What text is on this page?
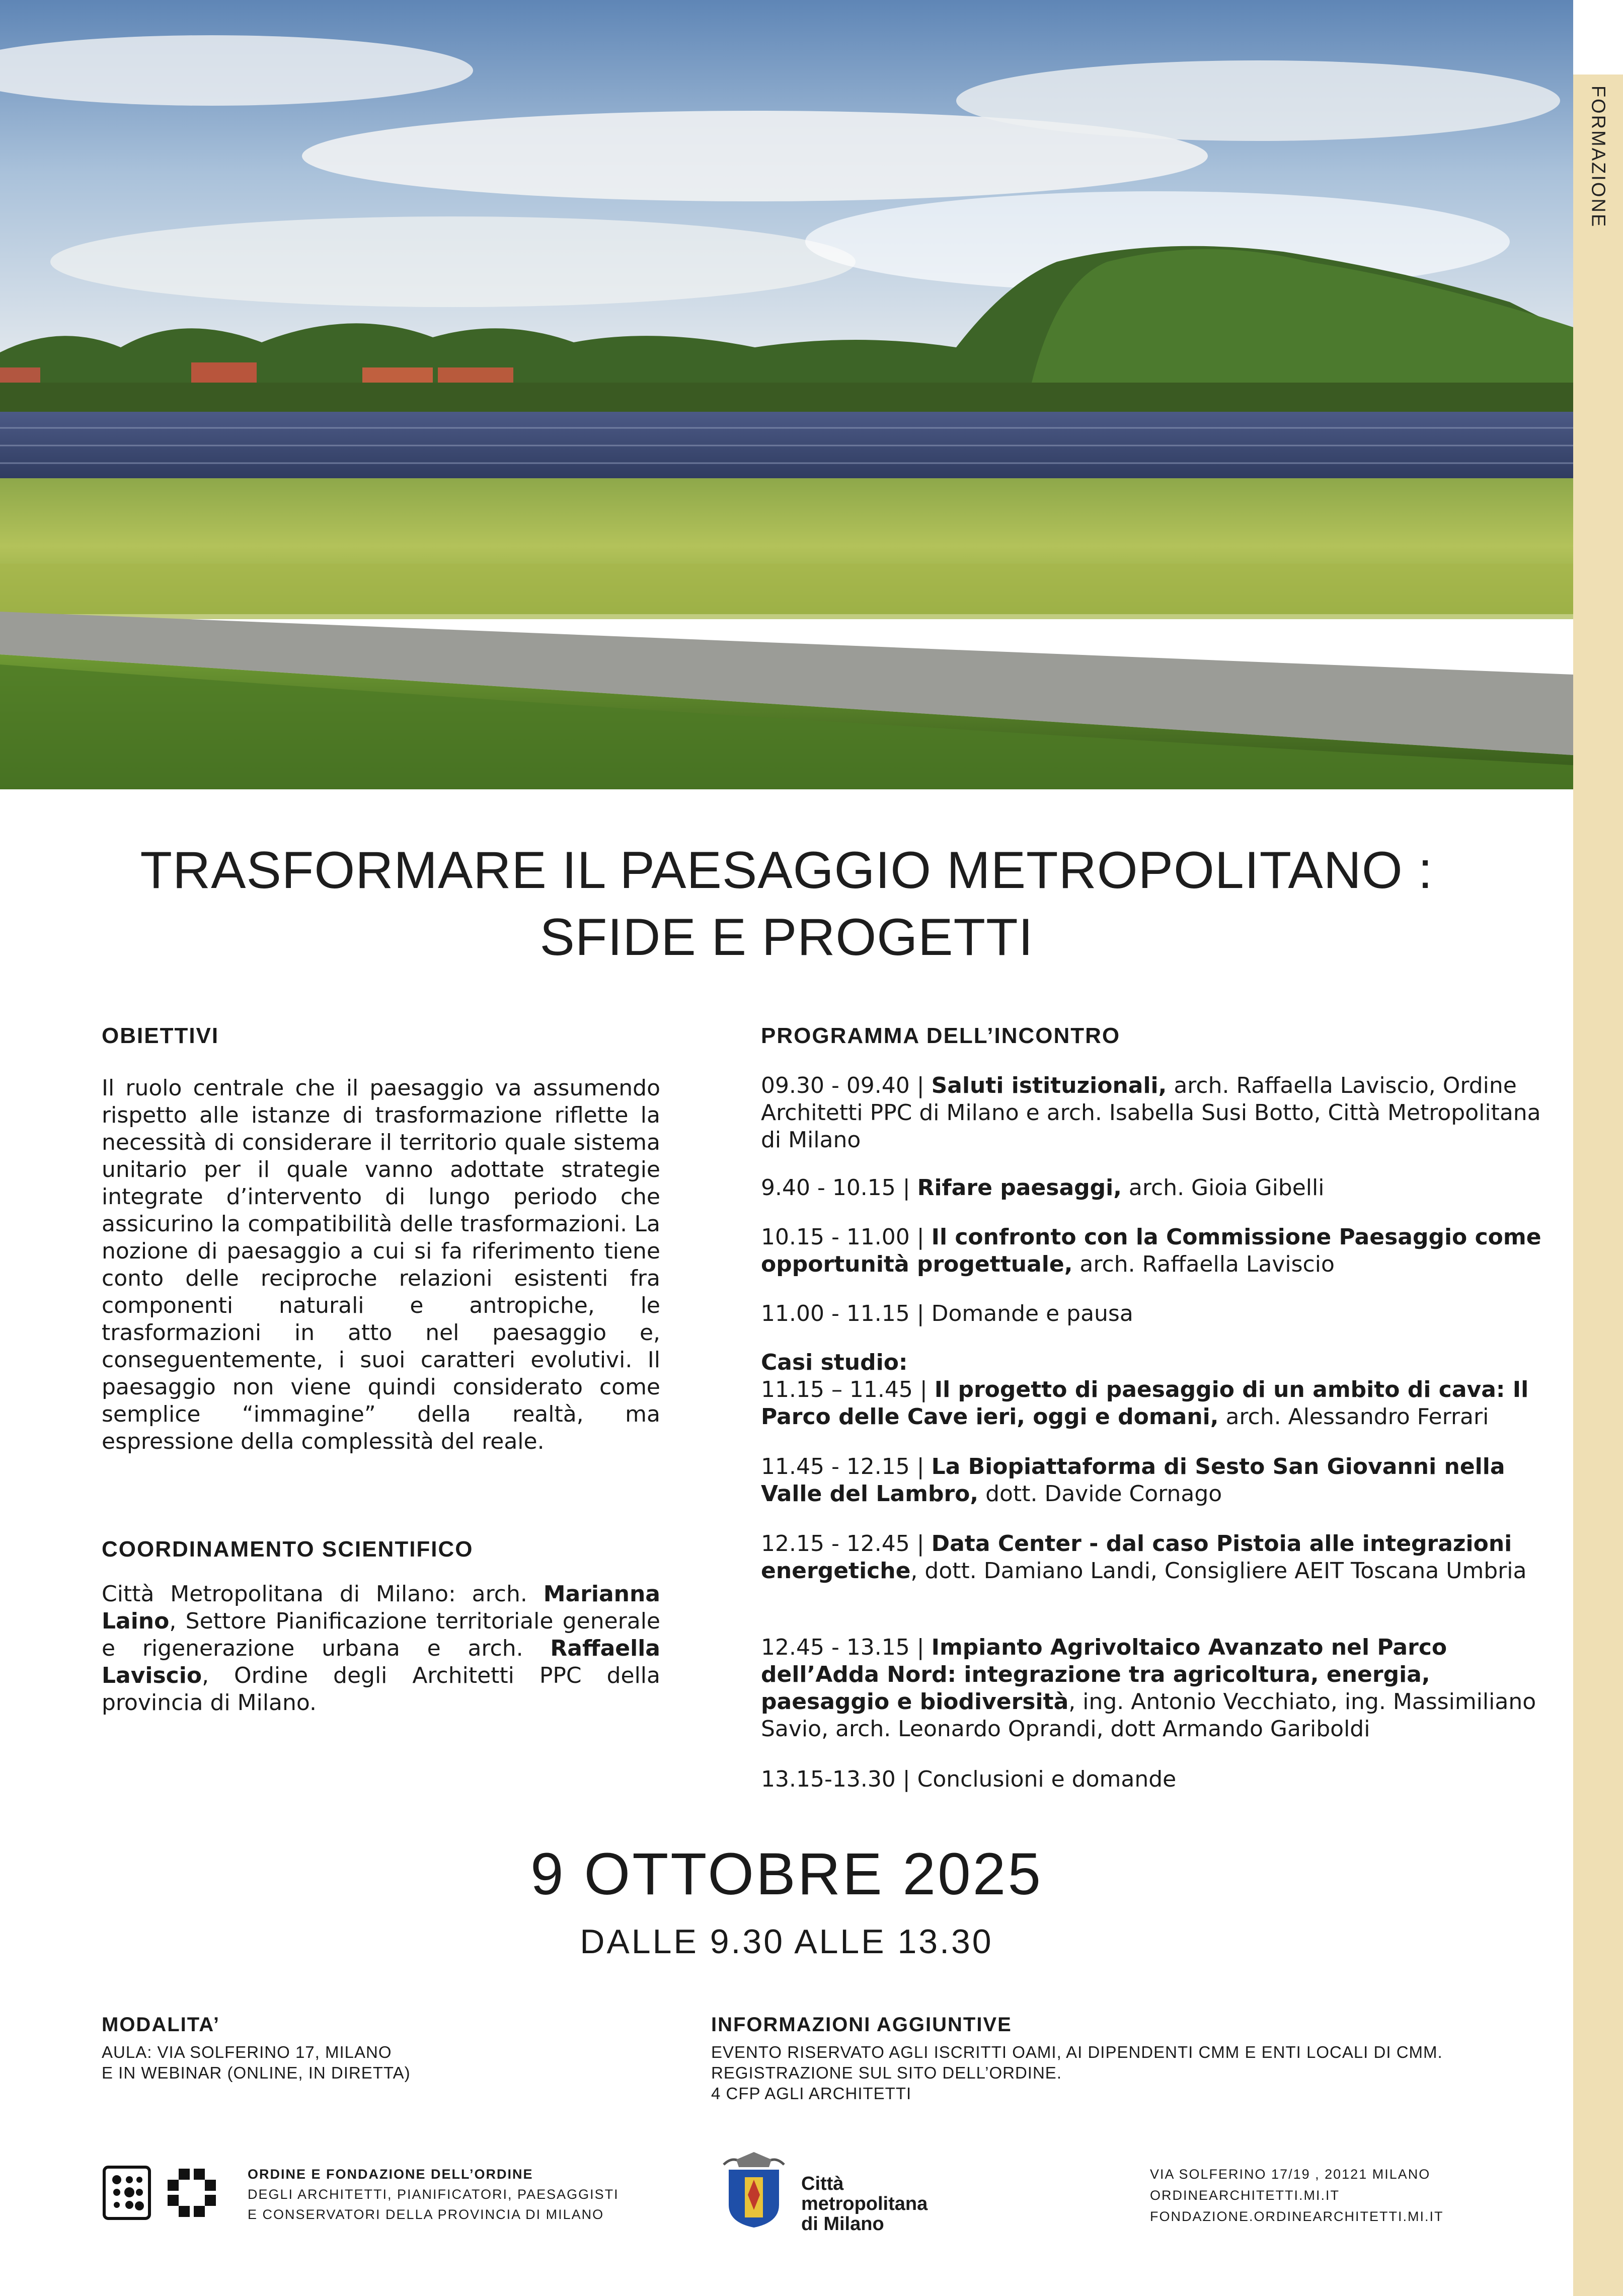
FORMAZIONE
TRASFORMARE IL PAESAGGIO METROPOLITANO :
SFIDE E PROGETTI
OBIETTIVI
Il ruolo centrale che il paesaggio va assumendo rispetto alle istanze di trasformazione riflette la necessità di considerare il territorio quale sistema unitario per il quale vanno adottate strategie integrate d’intervento di lungo periodo che assicurino la compatibilità delle trasformazioni. La nozione di paesaggio a cui si fa riferimento tiene conto delle reciproche relazioni esistenti fra componenti naturali e antropiche, le trasformazioni in atto nel paesaggio e, conseguentemente, i suoi caratteri evolutivi. Il paesaggio non viene quindi considerato come semplice “immagine” della realtà, ma espressione della complessità del reale.
COORDINAMENTO SCIENTIFICO
Città Metropolitana di Milano: arch. Marianna Laino, Settore Pianificazione territoriale generale e rigenerazione urbana e arch. Raffaella Laviscio, Ordine degli Architetti PPC della provincia di Milano.
PROGRAMMA DELL’INCONTRO
09.30 - 09.40 | Saluti istituzionali, arch. Raffaella Laviscio, Ordine Architetti PPC di Milano e arch. Isabella Susi Botto, Città Metropolitana di Milano
9.40 - 10.15 | Rifare paesaggi, arch. Gioia Gibelli
10.15 - 11.00 | Il confronto con la Commissione Paesaggio come opportunità progettuale, arch. Raffaella Laviscio
11.00 - 11.15 | Domande e pausa
Casi studio:
11.15 – 11.45 | Il progetto di paesaggio di un ambito di cava: Il Parco delle Cave ieri, oggi e domani, arch. Alessandro Ferrari
11.45 - 12.15 | La Biopiattaforma di Sesto San Giovanni nella Valle del Lambro, dott. Davide Cornago
12.15 - 12.45 | Data Center - dal caso Pistoia alle integrazioni energetiche, dott. Damiano Landi, Consigliere AEIT Toscana Umbria
12.45 - 13.15 | Impianto Agrivoltaico Avanzato nel Parco dell’Adda Nord: integrazione tra agricoltura, energia, paesaggio e biodiversità, ing. Antonio Vecchiato, ing. Massimiliano Savio, arch. Leonardo Oprandi, dott Armando Gariboldi
13.15-13.30 | Conclusioni e domande
9 OTTOBRE 2025
DALLE 9.30 ALLE 13.30
MODALITA’
AULA: VIA SOLFERINO 17, MILANO
E IN WEBINAR (ONLINE, IN DIRETTA)
INFORMAZIONI AGGIUNTIVE
EVENTO RISERVATO AGLI ISCRITTI OAMI, AI DIPENDENTI CMM E ENTI LOCALI DI CMM.
REGISTRAZIONE SUL SITO DELL’ORDINE.
4 CFP AGLI ARCHITETTI
ORDINE E FONDAZIONE DELL’ORDINE
DEGLI ARCHITETTI, PIANIFICATORI, PAESAGGISTI
E CONSERVATORI DELLA PROVINCIA DI MILANO
Città
metropolitana
di Milano
VIA SOLFERINO 17/19 , 20121 MILANO
ORDINEARCHITETTI.MI.IT
FONDAZIONE.ORDINEARCHITETTI.MI.IT
